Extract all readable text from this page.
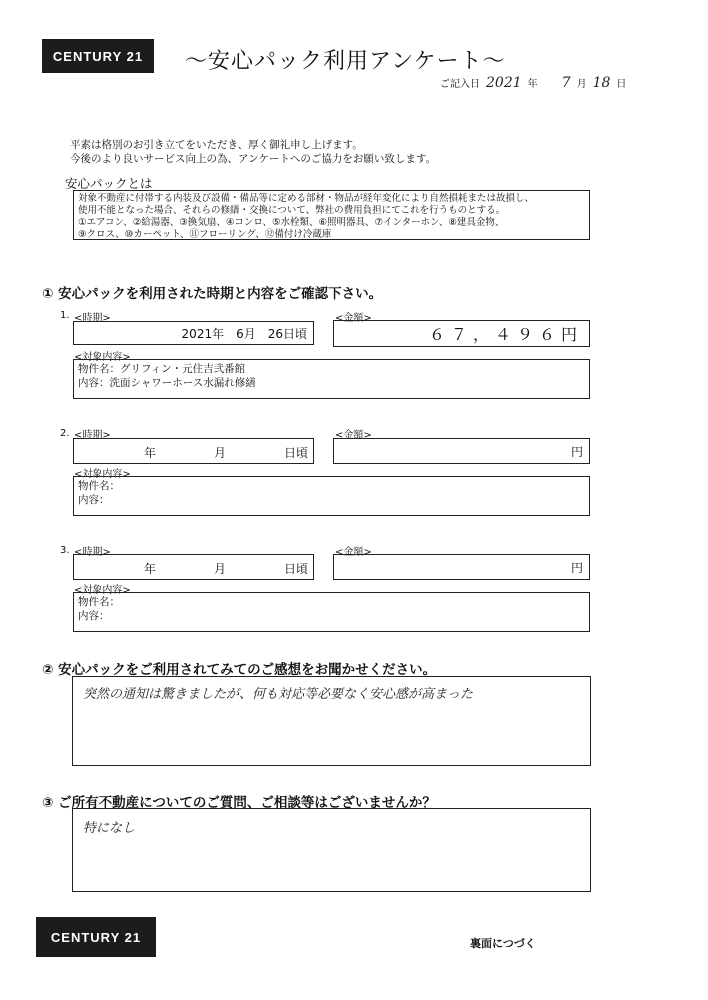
CENTURY 21	～安心パック利用アンケート～
ご記入日 2021 年 7 月 18 日
平素は格別のお引き立てをいただき、厚く御礼申し上げます。
今後のより良いサービス向上の為、アンケートへのご協力をお願い致します。
安心パックとは
対象不動産に付帯する内装及び設備・備品等に定める部材・物品が経年変化により自然損耗または故損し、
使用不能となった場合、それらの修繕・交換について、弊社の費用負担にてこれを行うものとする。
①エアコン、②給湯器、③換気扇、④コンロ、⑤水栓類、⑥照明器具、⑦インターホン、⑧建具金物、
⑨クロス、⑩カーペット、⑪フローリング、⑫備付け冷蔵庫
① 安心パックを利用された時期と内容をご確認下さい。
1. <時期>	<金額>
2021年　6月　26日頃	６７，４９６円
<対象内容>
物件名：グリフィン・元住吉弐番館
内容：洗面シャワーホース水漏れ修繕
2. <時期>	<金額>
年	月	日頃	円
<対象内容>
物件名：
内容：
3. <時期>	<金額>
年	月	日頃	円
<対象内容>
物件名：
内容：
② 安心パックをご利用されてみてのご感想をお聞かせください。
突然の通知は驚きましたが、何も対応等必要なく安心感が高まった
③ ご所有不動産についてのご質問、ご相談等はございませんか？
特になし
CENTURY 21	裏面につづく
